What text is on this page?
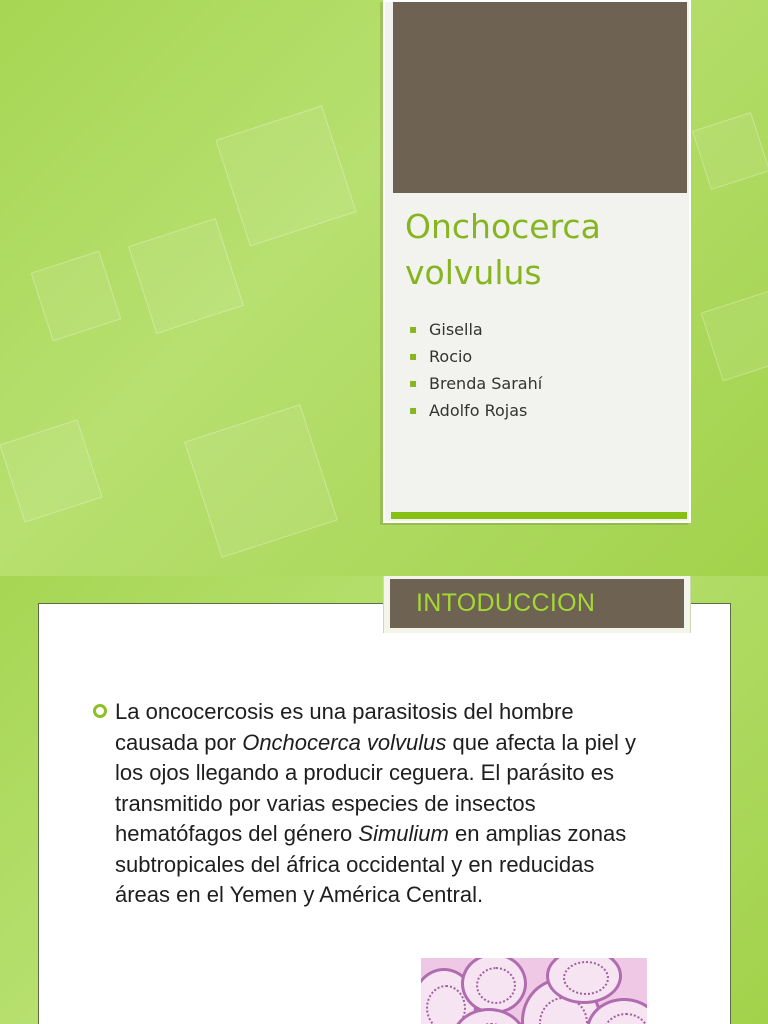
Onchocerca
volvulus
▪ Gisella
▪ Rocio
▪ Brenda Sarahí
▪ Adolfo Rojas

La oncocercosis es una parasitosis del hombre causada por Onchocerca volvulus que afecta la piel y los ojos llegando a producir ceguera. El parásito es transmitido por varias especies de insectos hematófagos del género Simulium en amplias zonas subtropicales del áfrica occidental y en reducidas áreas en el Yemen y América Central.

INTODUCCION
